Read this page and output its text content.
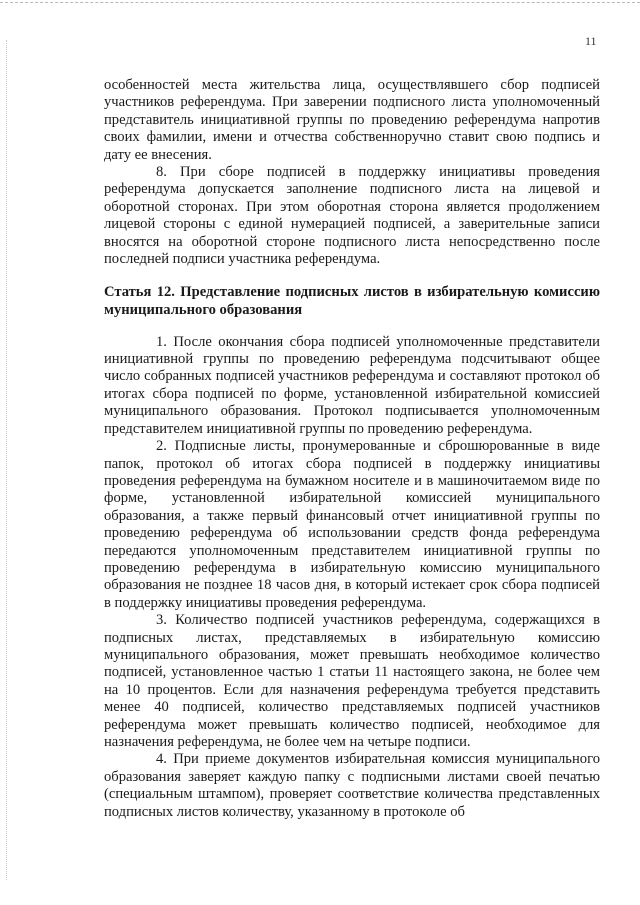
11

особенностей места жительства лица, осуществлявшего сбор подписей участников референдума. При заверении подписного листа уполномоченный представитель инициативной группы по проведению референдума напротив своих фамилии, имени и отчества собственноручно ставит свою подпись и дату ее внесения.

8. При сборе подписей в поддержку инициативы проведения референдума допускается заполнение подписного листа на лицевой и оборотной сторонах. При этом оборотная сторона является продолжением лицевой стороны с единой нумерацией подписей, а заверительные записи вносятся на оборотной стороне подписного листа непосредственно после последней подписи участника референдума.

Статья 12. Представление подписных листов в избирательную комиссию муниципального образования

1. После окончания сбора подписей уполномоченные представители инициативной группы по проведению референдума подсчитывают общее число собранных подписей участников референдума и составляют протокол об итогах сбора подписей по форме, установленной избирательной комиссией муниципального образования. Протокол подписывается уполномоченным представителем инициативной группы по проведению референдума.

2. Подписные листы, пронумерованные и сброшюрованные в виде папок, протокол об итогах сбора подписей в поддержку инициативы проведения референдума на бумажном носителе и в машиночитаемом виде по форме, установленной избирательной комиссией муниципального образования, а также первый финансовый отчет инициативной группы по проведению референдума об использовании средств фонда референдума передаются уполномоченным представителем инициативной группы по проведению референдума в избирательную комиссию муниципального образования не позднее 18 часов дня, в который истекает срок сбора подписей в поддержку инициативы проведения референдума.

3. Количество подписей участников референдума, содержащихся в подписных листах, представляемых в избирательную комиссию муниципального образования, может превышать необходимое количество подписей, установленное частью 1 статьи 11 настоящего закона, не более чем на 10 процентов. Если для назначения референдума требуется представить менее 40 подписей, количество представляемых подписей участников референдума может превышать количество подписей, необходимое для назначения референдума, не более чем на четыре подписи.

4. При приеме документов избирательная комиссия муниципального образования заверяет каждую папку с подписными листами своей печатью (специальным штампом), проверяет соответствие количества представленных подписных листов количеству, указанному в протоколе об
